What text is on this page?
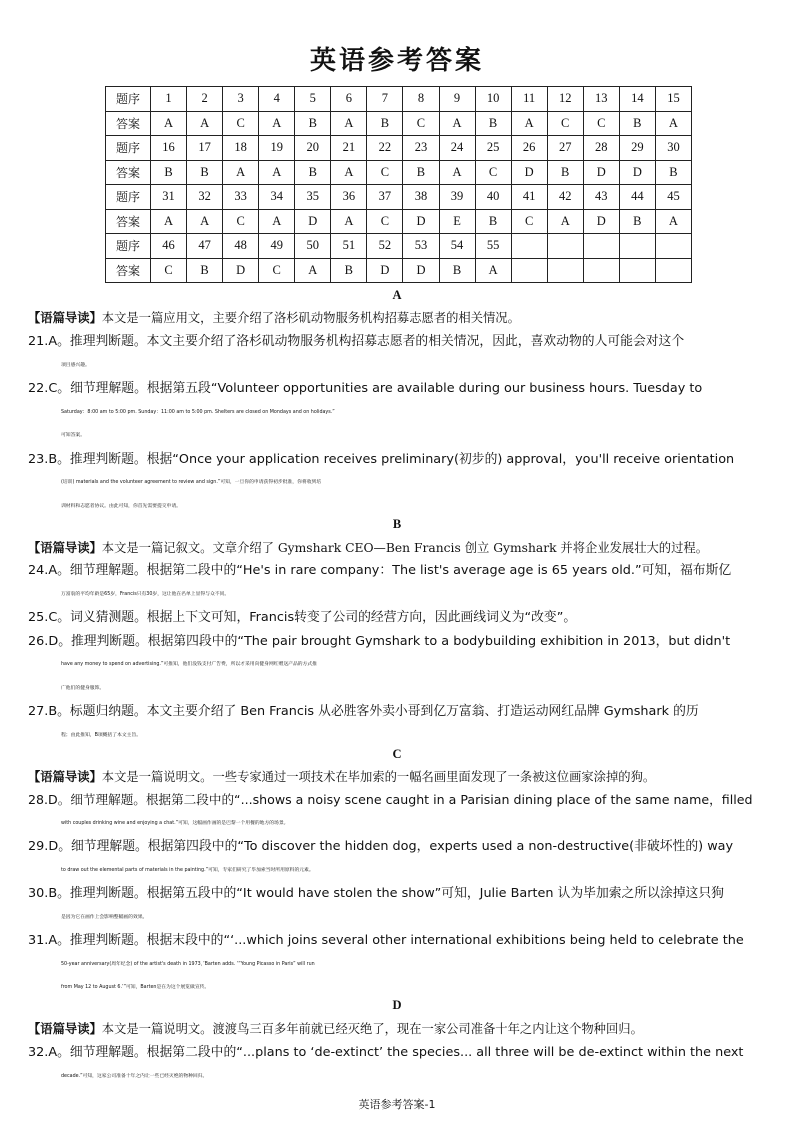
英语参考答案
题序	1	2	3	4	5	6	7	8	9	10	11	12	13	14	15
答案	A	A	C	A	B	A	B	C	A	B	A	C	C	B	A
题序	16	17	18	19	20	21	22	23	24	25	26	27	28	29	30
答案	B	B	A	A	B	A	C	B	A	C	D	B	D	D	B
题序	31	32	33	34	35	36	37	38	39	40	41	42	43	44	45
答案	A	A	C	A	D	A	C	D	E	B	C	A	D	B	A
题序	46	47	48	49	50	51	52	53	54	55					
答案	C	B	D	C	A	B	D	D	B	A					
A
【语篇导读】本文是一篇应用文，主要介绍了洛杉矶动物服务机构招募志愿者的相关情况。
21.A。推理判断题。本文主要介绍了洛杉矶动物服务机构招募志愿者的相关情况，因此，喜欢动物的人可能会对这个
项目感兴趣。
22.C。细节理解题。根据第五段“Volunteer opportunities are available during our business hours. Tuesday to
Saturday：8:00 am to 5:00 pm. Sunday：11:00 am to 5:00 pm. Shelters are closed on Mondays and on holidays.”
可知答案。
23.B。推理判断题。根据“Once your application receives preliminary(初步的) approval，you'll receive orientation
(培训) materials and the volunteer agreement to review and sign.”可知，一旦你的申请获得初步批准，你将收到培
训材料和志愿者协议。由此可知，你首先需要提交申请。
B
【语篇导读】本文是一篇记叙文。文章介绍了 Gymshark CEO—Ben Francis 创立 Gymshark 并将企业发展壮大的过程。
24.A。细节理解题。根据第二段中的“He's in rare company：The list's average age is 65 years old.”可知，福布斯亿
万富翁的平均年龄是65岁，Francis只有30岁，这让他在名单上显得与众不同。
25.C。词义猜测题。根据上下文可知，Francis转变了公司的经营方向，因此画线词义为“改变”。
26.D。推理判断题。根据第四段中的“The pair brought Gymshark to a bodybuilding exhibition in 2013，but didn't
have any money to spend on advertising.”可推知，他们没钱支付广告费，所以才采用向健身网红赠送产品的方式推
广他们的健身服饰。
27.B。标题归纳题。本文主要介绍了 Ben Francis 从必胜客外卖小哥到亿万富翁、打造运动网红品牌 Gymshark 的历
程；由此推知，B项概括了本文主旨。
C
【语篇导读】本文是一篇说明文。一些专家通过一项技术在毕加索的一幅名画里面发现了一条被这位画家涂掉的狗。
28.D。细节理解题。根据第二段中的“...shows a noisy scene caught in a Parisian dining place of the same name，filled
with couples drinking wine and enjoying a chat.”可知，这幅画作画的是巴黎一个用餐的地方的场景。
29.D。细节理解题。根据第四段中的“To discover the hidden dog，experts used a non-destructive(非破坏性的) way
to draw out the elemental parts of materials in the painting.”可知，专家们研究了毕加索当时所用原料的元素。
30.B。推理判断题。根据第五段中的“It would have stolen the show”可知，Julie Barten 认为毕加索之所以涂掉这只狗
是因为它在画作上会影响整幅画的效果。
31.A。推理判断题。根据末段中的“‘...which joins several other international exhibitions being held to celebrate the
50-year anniversary(周年纪念) of the artist's death in 1973，’Barten adds. ‘“Young Picasso in Paris” will run
from May 12 to August 6.’”可知，Barten是在为这个展览做宣传。
D
【语篇导读】本文是一篇说明文。渡渡鸟三百多年前就已经灭绝了，现在一家公司准备十年之内让这个物种回归。
32.A。细节理解题。根据第二段中的“...plans to ‘de-extinct’ the species... all three will be de-extinct within the next
decade.”可知，这家公司准备十年之内让一些已经灭绝的物种回归。
英语参考答案-1
